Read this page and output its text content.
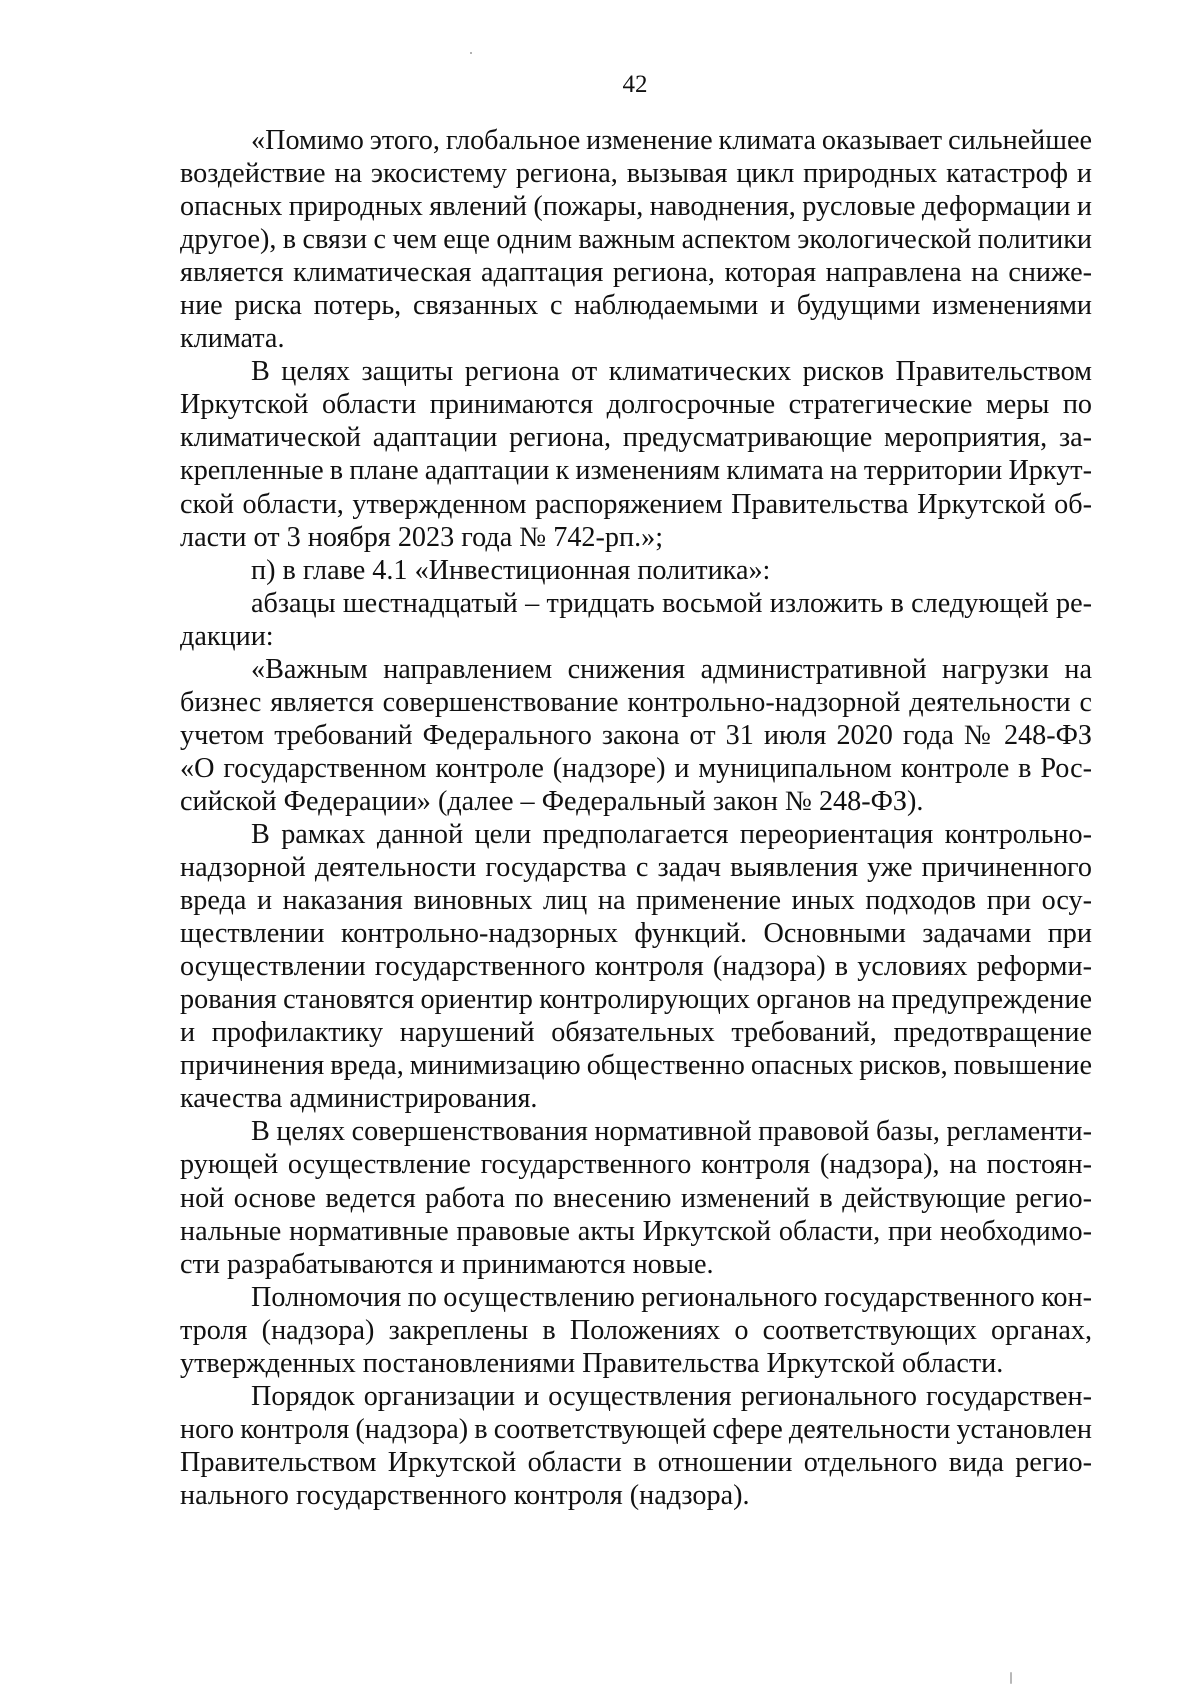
42
«Помимо этого, глобальное изменение климата оказывает сильнейшее
воздействие на экосистему региона, вызывая цикл природных катастроф и
опасных природных явлений (пожары, наводнения, русловые деформации и
другое), в связи с чем еще одним важным аспектом экологической политики
является климатическая адаптация региона, которая направлена на сниже-
ние риска потерь, связанных с наблюдаемыми и будущими изменениями
климата.
В целях защиты региона от климатических рисков Правительством
Иркутской области принимаются долгосрочные стратегические меры по
климатической адаптации региона, предусматривающие мероприятия, за-
крепленные в плане адаптации к изменениям климата на территории Иркут-
ской области, утвержденном распоряжением Правительства Иркутской об-
ласти от 3 ноября 2023 года № 742-рп.»;
п) в главе 4.1 «Инвестиционная политика»:
абзацы шестнадцатый – тридцать восьмой изложить в следующей ре-
дакции:
«Важным направлением снижения административной нагрузки на
бизнес является совершенствование контрольно-надзорной деятельности с
учетом требований Федерального закона от 31 июля 2020 года № 248-ФЗ
«О государственном контроле (надзоре) и муниципальном контроле в Рос-
сийской Федерации» (далее – Федеральный закон № 248-ФЗ).
В рамках данной цели предполагается переориентация контрольно-
надзорной деятельности государства с задач выявления уже причиненного
вреда и наказания виновных лиц на применение иных подходов при осу-
ществлении контрольно-надзорных функций. Основными задачами при
осуществлении государственного контроля (надзора) в условиях реформи-
рования становятся ориентир контролирующих органов на предупреждение
и профилактику нарушений обязательных требований, предотвращение
причинения вреда, минимизацию общественно опасных рисков, повышение
качества администрирования.
В целях совершенствования нормативной правовой базы, регламенти-
рующей осуществление государственного контроля (надзора), на постоян-
ной основе ведется работа по внесению изменений в действующие регио-
нальные нормативные правовые акты Иркутской области, при необходимо-
сти разрабатываются и принимаются новые.
Полномочия по осуществлению регионального государственного кон-
троля (надзора) закреплены в Положениях о соответствующих органах,
утвержденных постановлениями Правительства Иркутской области.
Порядок организации и осуществления регионального государствен-
ного контроля (надзора) в соответствующей сфере деятельности установлен
Правительством Иркутской области в отношении отдельного вида регио-
нального государственного контроля (надзора).
